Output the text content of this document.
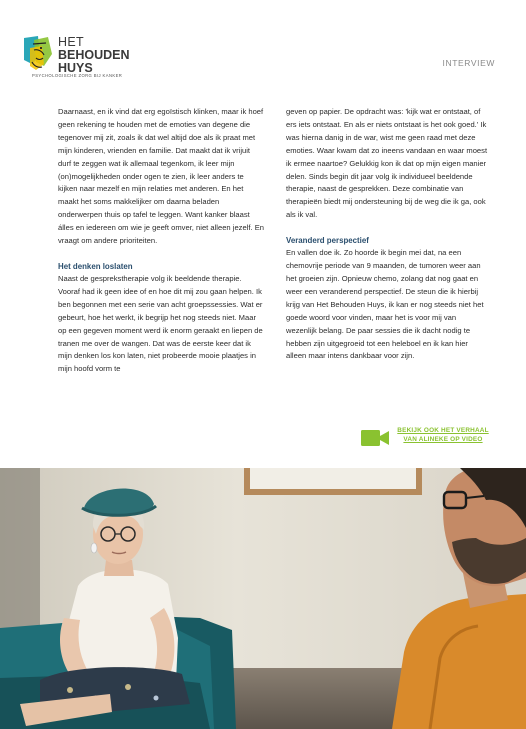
HET
BEHOUDEN
HUYS
PSYCHOLOGISCHE ZORG BIJ KANKER
INTERVIEW

Daarnaast, en ik vind dat erg egoïstisch klinken, maar ik hoef geen rekening te houden met de emoties van degene die tegenover mij zit, zoals ik dat wel altijd doe als ik praat met mijn kinderen, vrienden en familie. Dat maakt dat ik vrijuit durf te zeggen wat ik allemaal tegenkom, ik leer mijn (on)mogelijkheden onder ogen te zien, ik leer anders te kijken naar mezelf en mijn relaties met anderen. En het maakt het soms makkelijker om daarna beladen onderwerpen thuis op tafel te leggen. Want kanker blaast álles en iedereen om wie je geeft omver, niet alleen jezelf. En vraagt om andere prioriteiten.

Het denken loslaten

Naast de gesprekstherapie volg ik beeldende therapie. Vooraf had ik geen idee of en hoe dit mij zou gaan helpen. Ik ben begonnen met een serie van acht groepssessies. Wat er gebeurt, hoe het werkt, ik begrijp het nog steeds niet. Maar op een gegeven moment werd ik enorm geraakt en liepen de tranen me over de wangen. Dat was de eerste keer dat ik mijn denken los kon laten, niet probeerde mooie plaatjes in mijn hoofd vorm te

geven op papier. De opdracht was: 'kijk wat er ontstaat, of ers iets ontstaat. En als er niets ontstaat is het ook goed.' Ik was hierna danig in de war, wist me geen raad met deze emoties. Waar kwam dat zo ineens vandaan en waar moest ik ermee naartoe? Gelukkig kon ik dat op mijn eigen manier delen. Sinds begin dit jaar volg ik individueel beeldende therapie, naast de gesprekken. Deze combinatie van therapieën biedt mij ondersteuning bij de weg die ik ga, ook als ik val.

Veranderd perspectief

En vallen doe ik. Zo hoorde ik begin mei dat, na een chemovrije periode van 9 maanden, de tumoren weer aan het groeien zijn. Opnieuw chemo, zolang dat nog gaat en weer een veranderend perspectief. De steun die ik hierbij krijg van Het Behouden Huys, ik kan er nog steeds niet het goede woord voor vinden, maar het is voor mij van wezenlijk belang. De paar sessies die ik dacht nodig te hebben zijn uitgegroeid tot een heleboel en ik kan hier alleen maar intens dankbaar voor zijn.

BEKIJK OOK HET VERHAAL VAN ALINEKE OP VIDEO
